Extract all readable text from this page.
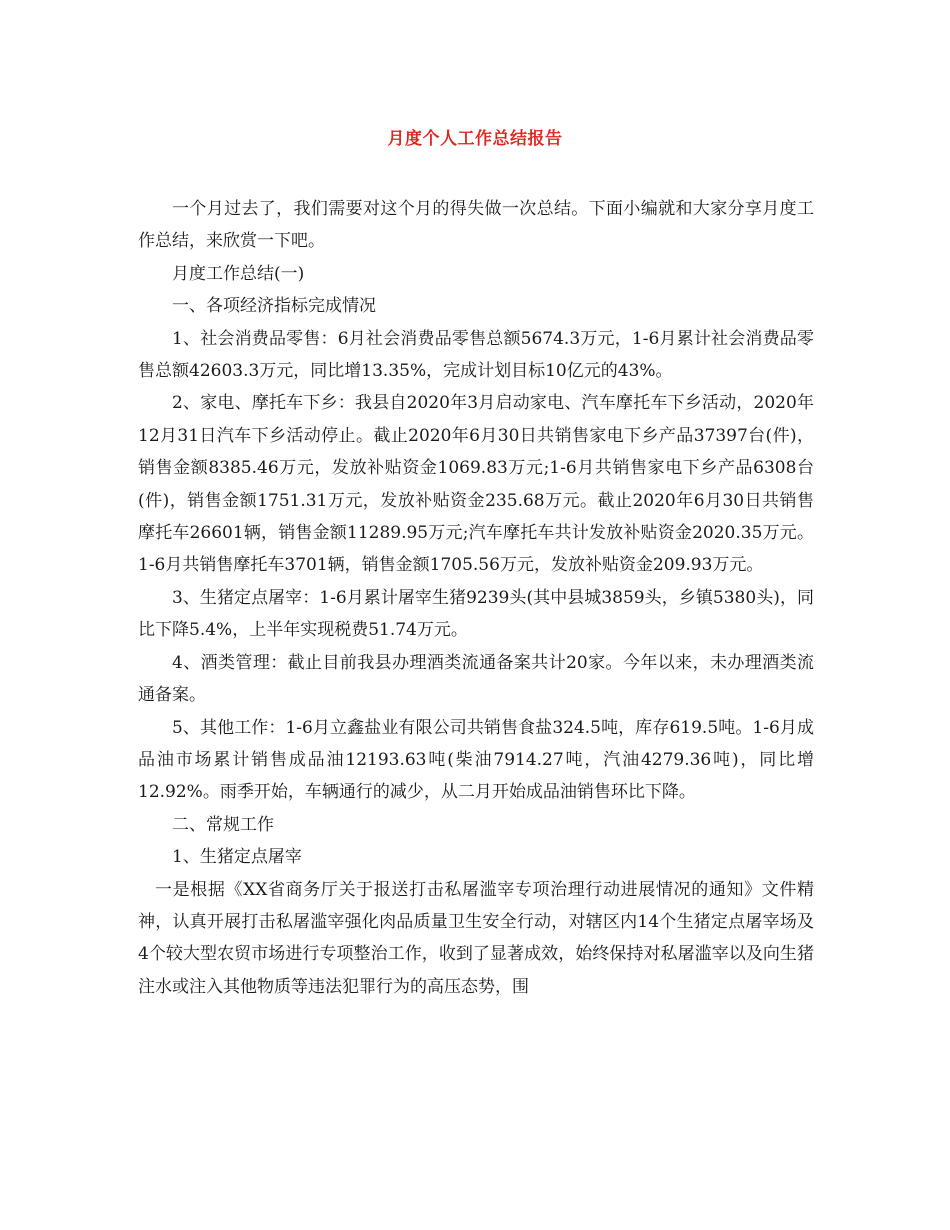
月度个人工作总结报告

一个月过去了，我们需要对这个月的得失做一次总结。下面小编就和大家分享月度工作总结，来欣赏一下吧。

月度工作总结(一)

一、各项经济指标完成情况

1、社会消费品零售：6月社会消费品零售总额5674.3万元，1-6月累计社会消费品零售总额42603.3万元，同比增13.35%，完成计划目标10亿元的43%。

2、家电、摩托车下乡：我县自2020年3月启动家电、汽车摩托车下乡活动，2020年12月31日汽车下乡活动停止。截止2020年6月30日共销售家电下乡产品37397台(件)，销售金额8385.46万元，发放补贴资金1069.83万元;1-6月共销售家电下乡产品6308台(件)，销售金额1751.31万元，发放补贴资金235.68万元。截止2020年6月30日共销售摩托车26601辆，销售金额11289.95万元;汽车摩托车共计发放补贴资金2020.35万元。1-6月共销售摩托车3701辆，销售金额1705.56万元，发放补贴资金209.93万元。

3、生猪定点屠宰：1-6月累计屠宰生猪9239头(其中县城3859头，乡镇5380头)，同比下降5.4%，上半年实现税费51.74万元。

4、酒类管理：截止目前我县办理酒类流通备案共计20家。今年以来，未办理酒类流通备案。

5、其他工作：1-6月立鑫盐业有限公司共销售食盐324.5吨，库存619.5吨。1-6月成品油市场累计销售成品油12193.63吨(柴油7914.27吨，汽油4279.36吨)，同比增12.92%。雨季开始，车辆通行的减少，从二月开始成品油销售环比下降。

二、常规工作

1、生猪定点屠宰

一是根据《XX省商务厅关于报送打击私屠滥宰专项治理行动进展情况的通知》文件精神，认真开展打击私屠滥宰强化肉品质量卫生安全行动，对辖区内14个生猪定点屠宰场及4个较大型农贸市场进行专项整治工作，收到了显著成效，始终保持对私屠滥宰以及向生猪注水或注入其他物质等违法犯罪行为的高压态势，围
